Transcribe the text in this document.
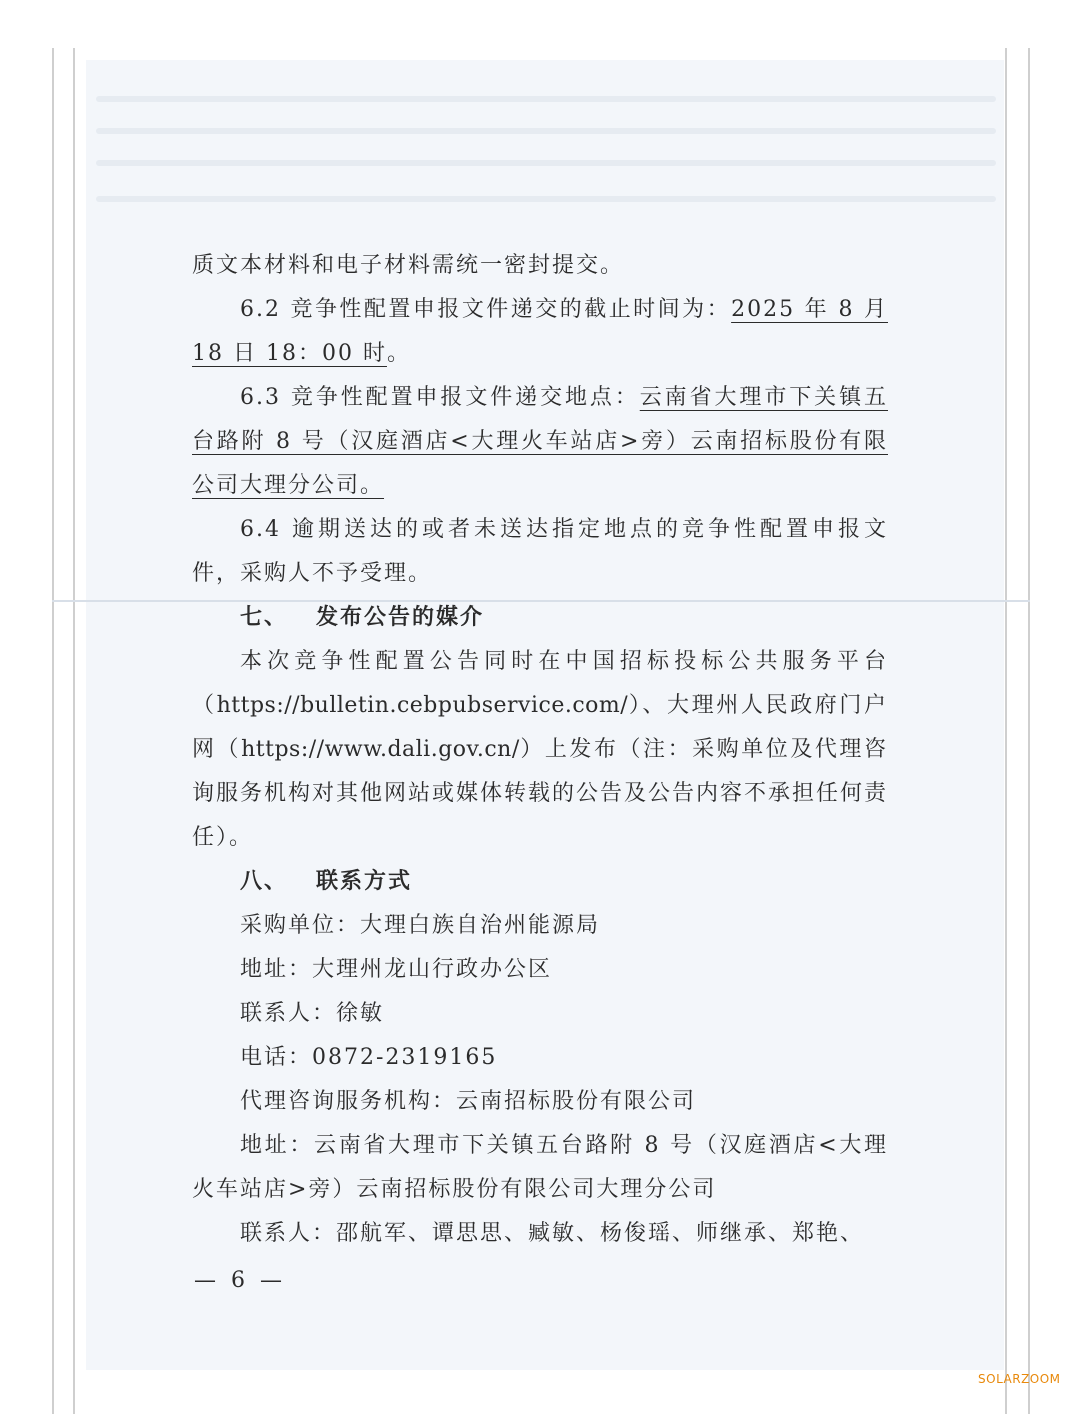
质文本材料和电子材料需统一密封提交。

6.2 竞争性配置申报文件递交的截止时间为：2025 年 8 月 18 日 18：00 时。

6.3 竞争性配置申报文件递交地点：云南省大理市下关镇五台路附 8 号（汉庭酒店<大理火车站店>旁）云南招标股份有限公司大理分公司。

6.4 逾期送达的或者未送达指定地点的竞争性配置申报文件，采购人不予受理。

七、 发布公告的媒介

本次竞争性配置公告同时在中国招标投标公共服务平台（https://bulletin.cebpubservice.com/）、大理州人民政府门户网（https://www.dali.gov.cn/）上发布（注：采购单位及代理咨询服务机构对其他网站或媒体转载的公告及公告内容不承担任何责任）。

八、 联系方式

采购单位：大理白族自治州能源局

地址：大理州龙山行政办公区

联系人：徐敏

电话：0872-2319165

代理咨询服务机构：云南招标股份有限公司

地址：云南省大理市下关镇五台路附 8 号（汉庭酒店<大理火车站店>旁）云南招标股份有限公司大理分公司

联系人：邵航军、谭思思、臧敏、杨俊瑶、师继承、郑艳、

— 6 —
SOLARZOOM
